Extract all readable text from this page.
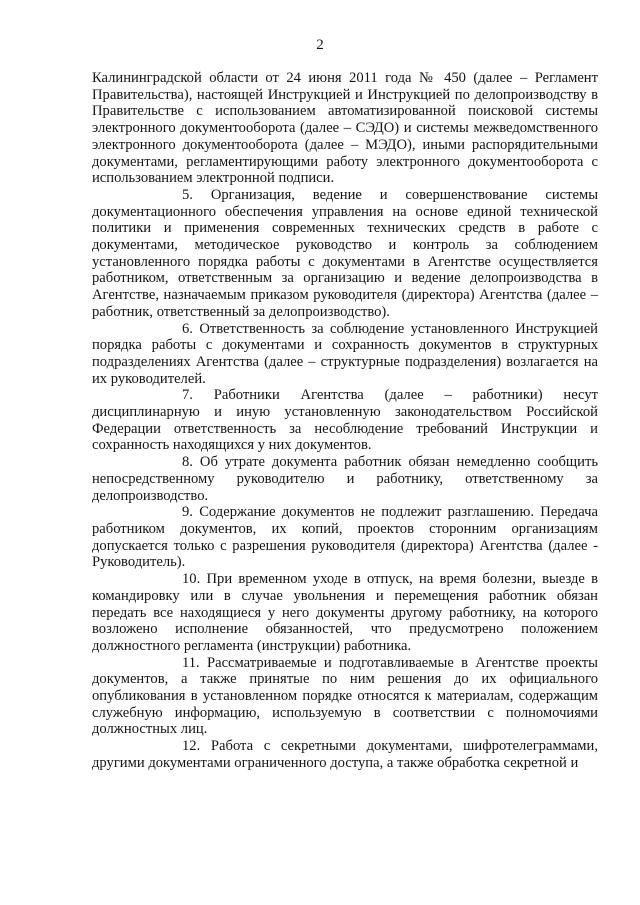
2

Калининградской области от 24 июня 2011 года № 450 (далее – Регламент Правительства), настоящей Инструкцией и Инструкцией по делопроизводству в Правительстве с использованием автоматизированной поисковой системы электронного документооборота (далее – СЭДО) и системы межведомственного электронного документооборота (далее – МЭДО), иными распорядительными документами, регламентирующими работу электронного документооборота с использованием электронной подписи.

5. Организация, ведение и совершенствование системы документационного обеспечения управления на основе единой технической политики и применения современных технических средств в работе с документами, методическое руководство и контроль за соблюдением установленного порядка работы с документами в Агентстве осуществляется работником, ответственным за организацию и ведение делопроизводства в Агентстве, назначаемым приказом руководителя (директора) Агентства (далее – работник, ответственный за делопроизводство).

6. Ответственность за соблюдение установленного Инструкцией порядка работы с документами и сохранность документов в структурных подразделениях Агентства (далее – структурные подразделения) возлагается на их руководителей.

7. Работники Агентства (далее – работники) несут дисциплинарную и иную установленную законодательством Российской Федерации ответственность за несоблюдение требований Инструкции и сохранность находящихся у них документов.

8. Об утрате документа работник обязан немедленно сообщить непосредственному руководителю и работнику, ответственному за делопроизводство.

9. Содержание документов не подлежит разглашению. Передача работником документов, их копий, проектов сторонним организациям допускается только с разрешения руководителя (директора) Агентства (далее - Руководитель).

10. При временном уходе в отпуск, на время болезни, выезде в командировку или в случае увольнения и перемещения работник обязан передать все находящиеся у него документы другому работнику, на которого возложено исполнение обязанностей, что предусмотрено положением должностного регламента (инструкции) работника.

11. Рассматриваемые и подготавливаемые в Агентстве проекты документов, а также принятые по ним решения до их официального опубликования в установленном порядке относятся к материалам, содержащим служебную информацию, используемую в соответствии с полномочиями должностных лиц.

12. Работа с секретными документами, шифротелеграммами, другими документами ограниченного доступа, а также обработка секретной и
